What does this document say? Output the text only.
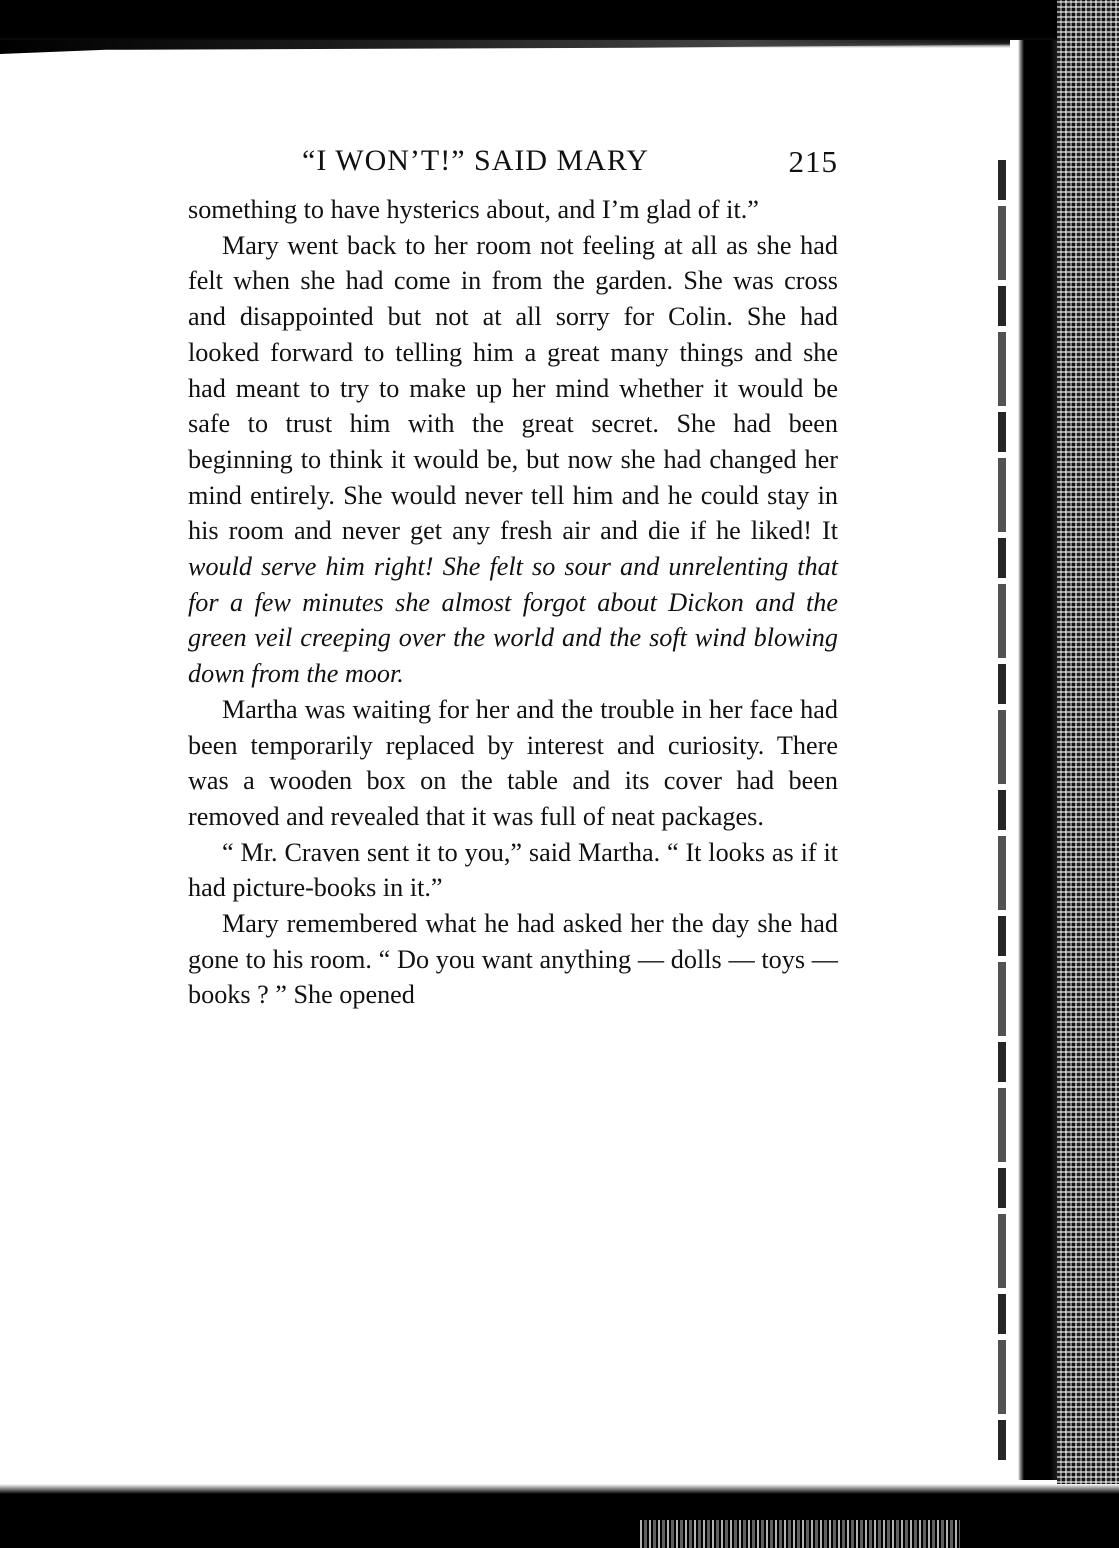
“I WON’T!” SAID MARY	215

something to have hysterics about, and I’m glad of it.”

Mary went back to her room not feeling at all as she had felt when she had come in from the garden. She was cross and disappointed but not at all sorry for Colin. She had looked forward to telling him a great many things and she had meant to try to make up her mind whether it would be safe to trust him with the great secret. She had been beginning to think it would be, but now she had changed her mind entirely. She would never tell him and he could stay in his room and never get any fresh air and die if he liked! It would serve him right! She felt so sour and unrelenting that for a few minutes she almost forgot about Dickon and the green veil creeping over the world and the soft wind blowing down from the moor.

Martha was waiting for her and the trouble in her face had been temporarily replaced by interest and curiosity. There was a wooden box on the table and its cover had been removed and revealed that it was full of neat packages.

“ Mr. Craven sent it to you,” said Martha. “ It looks as if it had picture-books in it.”

Mary remembered what he had asked her the day she had gone to his room. “ Do you want anything — dolls — toys — books ? ” She opened
